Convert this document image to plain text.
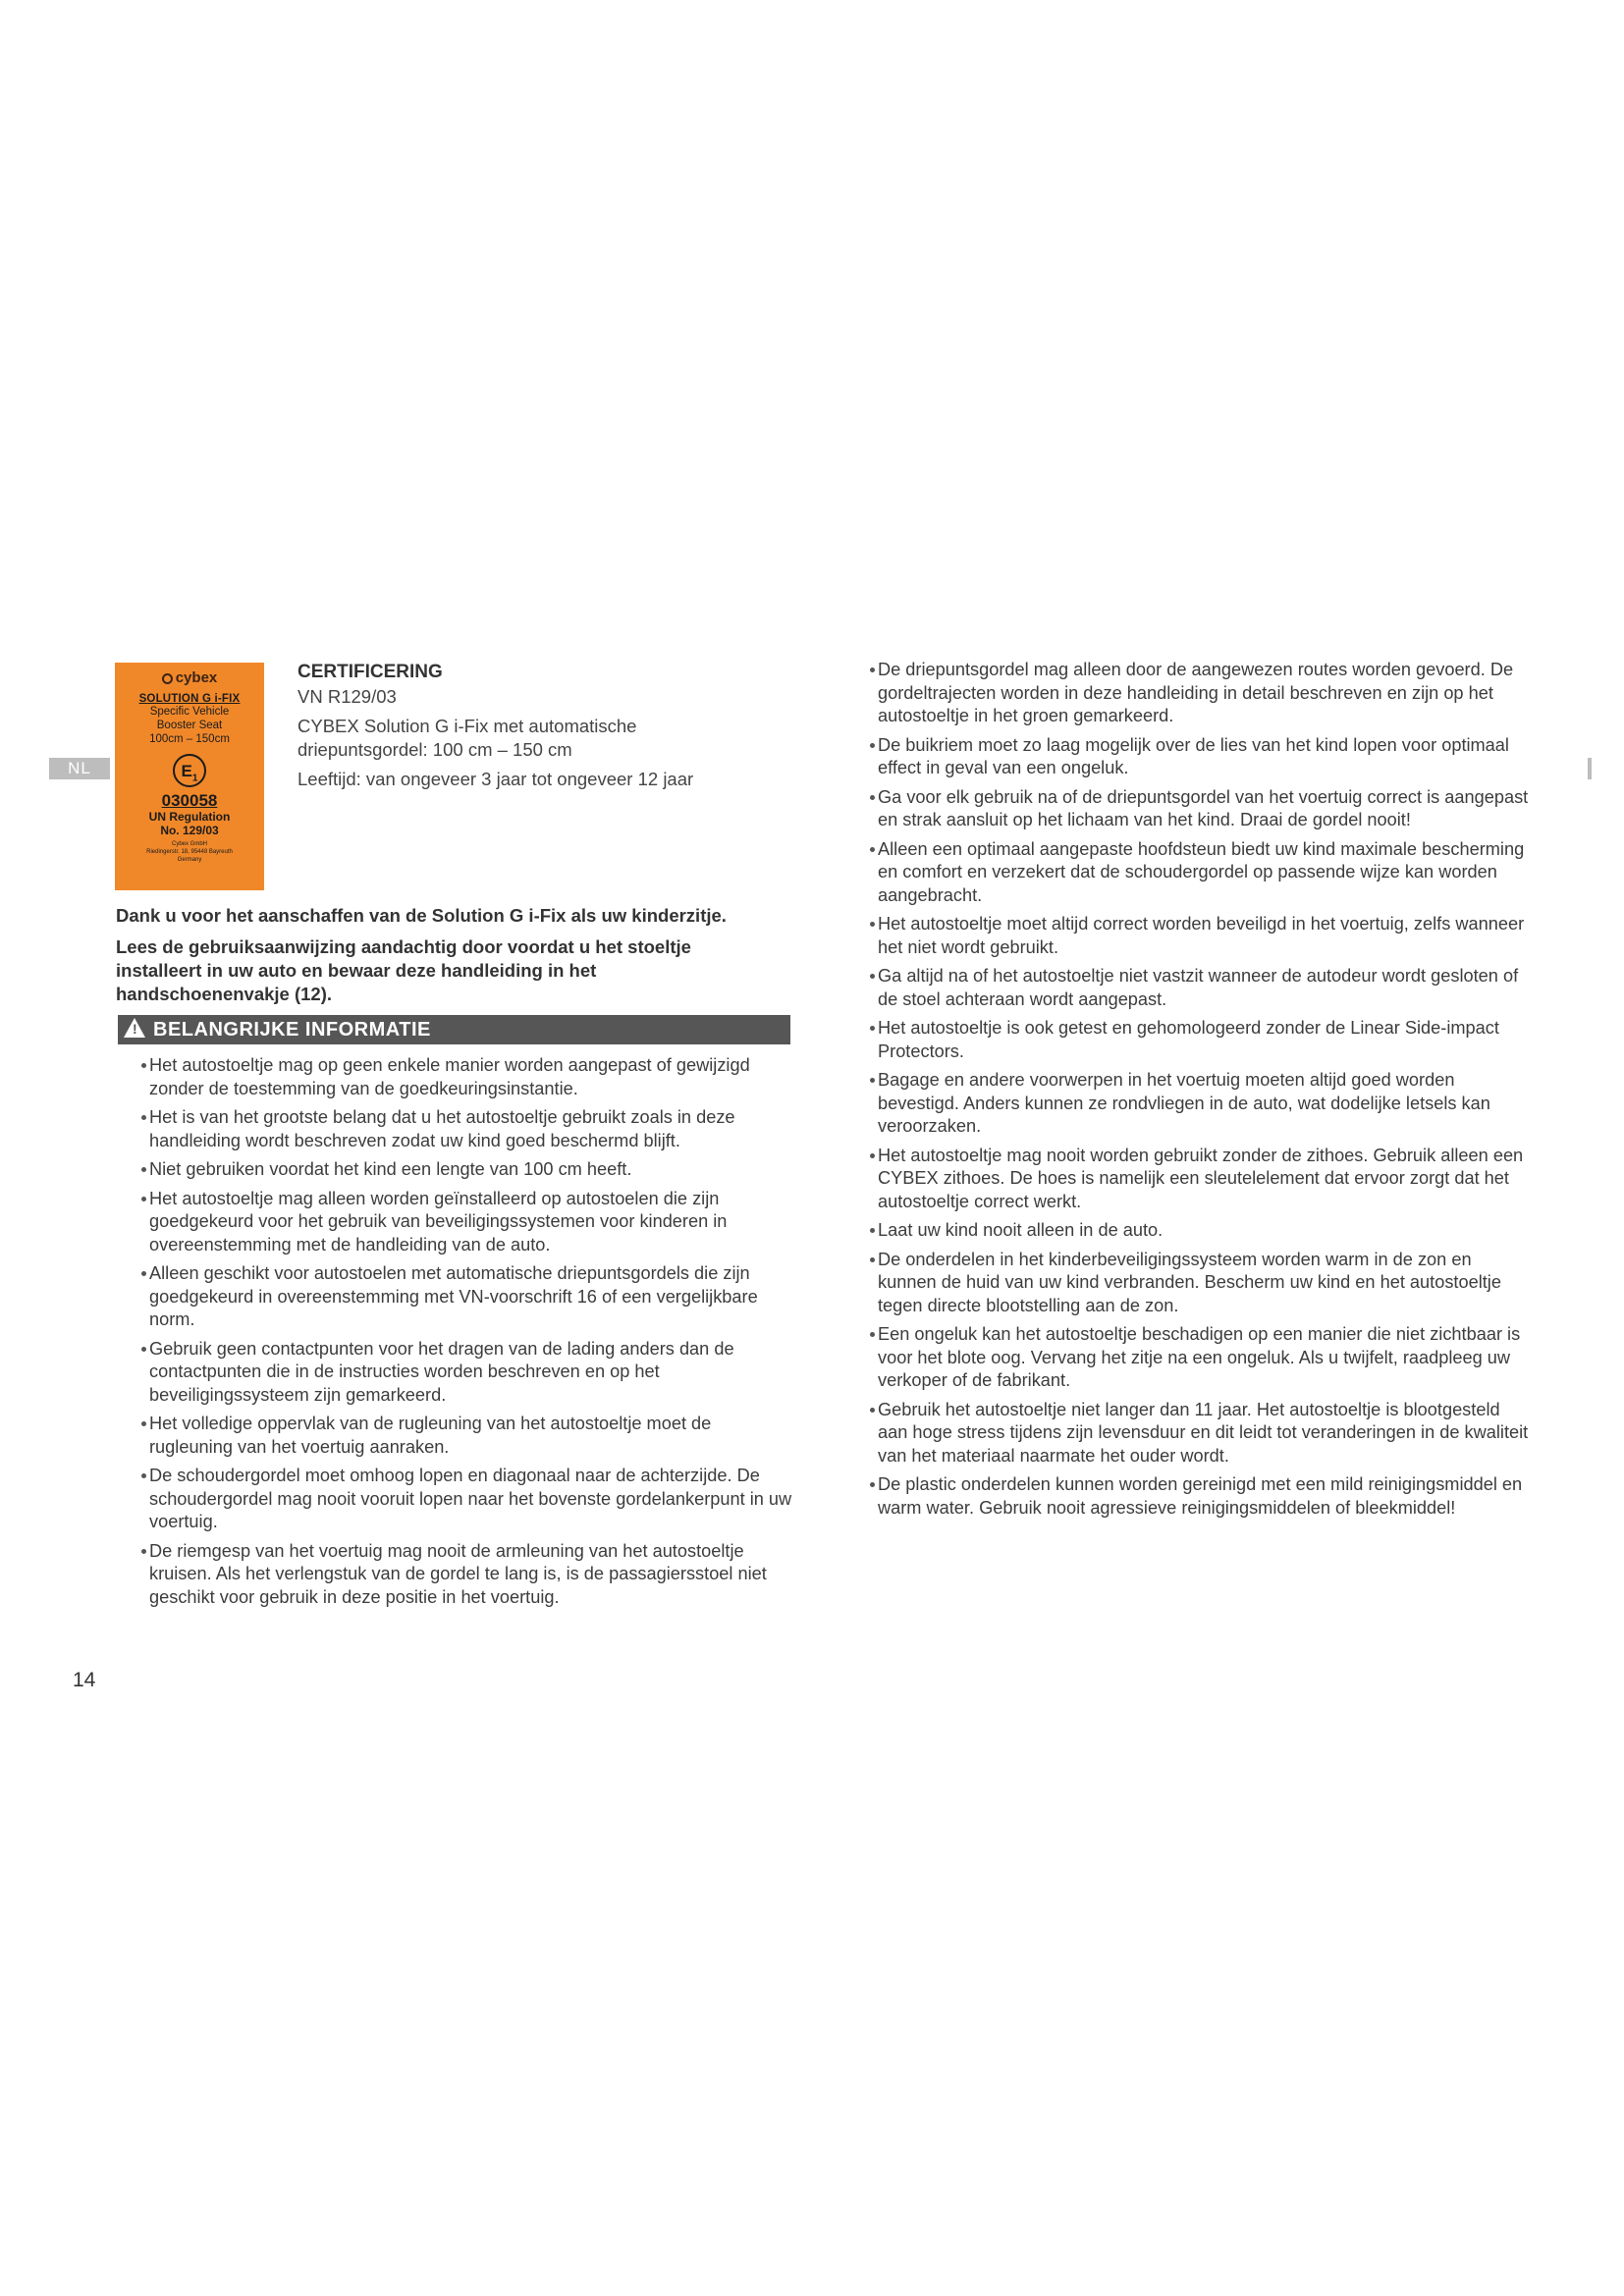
NL
cybex
SOLUTION G i-FIX
Specific Vehicle
Booster Seat
100cm – 150cm
$E_1$
030058
UN Regulation
No. 129/03
Cybex GmbH
Riedingerstr. 18, 95448 Bayreuth
Germany
CERTIFICERING
VN R129/03
CYBEX Solution G i-Fix met automatische
driepuntsgordel: 100 cm – 150 cm
Leeftijd: van ongeveer 3 jaar tot ongeveer 12 jaar
Dank u voor het aanschaffen van de Solution G i-Fix als uw kinderzitje.
Lees de gebruiksaanwijzing aandachtig door voordat u het stoeltje installeert in uw auto en bewaar deze handleiding in het handschoenenvakje (12).
!BELANGRIJKE INFORMATIE
Het autostoeltje mag op geen enkele manier worden aangepast of gewijzigd zonder de toestemming van de goedkeuringsinstantie.
Het is van het grootste belang dat u het autostoeltje gebruikt zoals in deze handleiding wordt beschreven zodat uw kind goed beschermd blijft.
Niet gebruiken voordat het kind een lengte van 100 cm heeft.
Het autostoeltje mag alleen worden geïnstalleerd op autostoelen die zijn goedgekeurd voor het gebruik van beveiligingssystemen voor kinderen in overeenstemming met de handleiding van de auto.
Alleen geschikt voor autostoelen met automatische driepuntsgordels die zijn goedgekeurd in overeenstemming met VN-voorschrift 16 of een vergelijkbare norm.
Gebruik geen contactpunten voor het dragen van de lading anders dan de contactpunten die in de instructies worden beschreven en op het beveiligingssysteem zijn gemarkeerd.
Het volledige oppervlak van de rugleuning van het autostoeltje moet de rugleuning van het voertuig aanraken.
De schoudergordel moet omhoog lopen en diagonaal naar de achterzijde. De schoudergordel mag nooit vooruit lopen naar het bovenste gordelankerpunt in uw voertuig.
De riemgesp van het voertuig mag nooit de armleuning van het autostoeltje kruisen. Als het verlengstuk van de gordel te lang is, is de passagiersstoel niet geschikt voor gebruik in deze positie in het voertuig.
De driepuntsgordel mag alleen door de aangewezen routes worden gevoerd. De gordeltrajecten worden in deze handleiding in detail beschreven en zijn op het autostoeltje in het groen gemarkeerd.
De buikriem moet zo laag mogelijk over de lies van het kind lopen voor optimaal effect in geval van een ongeluk.
Ga voor elk gebruik na of de driepuntsgordel van het voertuig correct is aangepast en strak aansluit op het lichaam van het kind. Draai de gordel nooit!
Alleen een optimaal aangepaste hoofdsteun biedt uw kind maximale bescherming en comfort en verzekert dat de schoudergordel op passende wijze kan worden aangebracht.
Het autostoeltje moet altijd correct worden beveiligd in het voertuig, zelfs wanneer het niet wordt gebruikt.
Ga altijd na of het autostoeltje niet vastzit wanneer de autodeur wordt gesloten of de stoel achteraan wordt aangepast.
Het autostoeltje is ook getest en gehomologeerd zonder de Linear Side-impact Protectors.
Bagage en andere voorwerpen in het voertuig moeten altijd goed worden bevestigd. Anders kunnen ze rondvliegen in de auto, wat dodelijke letsels kan veroorzaken.
Het autostoeltje mag nooit worden gebruikt zonder de zithoes. Gebruik alleen een CYBEX zithoes. De hoes is namelijk een sleutelelement dat ervoor zorgt dat het autostoeltje correct werkt.
Laat uw kind nooit alleen in de auto.
De onderdelen in het kinderbeveiligingssysteem worden warm in de zon en kunnen de huid van uw kind verbranden. Bescherm uw kind en het autostoeltje tegen directe blootstelling aan de zon.
Een ongeluk kan het autostoeltje beschadigen op een manier die niet zichtbaar is voor het blote oog. Vervang het zitje na een ongeluk. Als u twijfelt, raadpleeg uw verkoper of de fabrikant.
Gebruik het autostoeltje niet langer dan 11 jaar. Het autostoeltje is blootgesteld aan hoge stress tijdens zijn levensduur en dit leidt tot veranderingen in de kwaliteit van het materiaal naarmate het ouder wordt.
De plastic onderdelen kunnen worden gereinigd met een mild reinigingsmiddel en warm water. Gebruik nooit agressieve reinigingsmiddelen of bleekmiddel!
14
